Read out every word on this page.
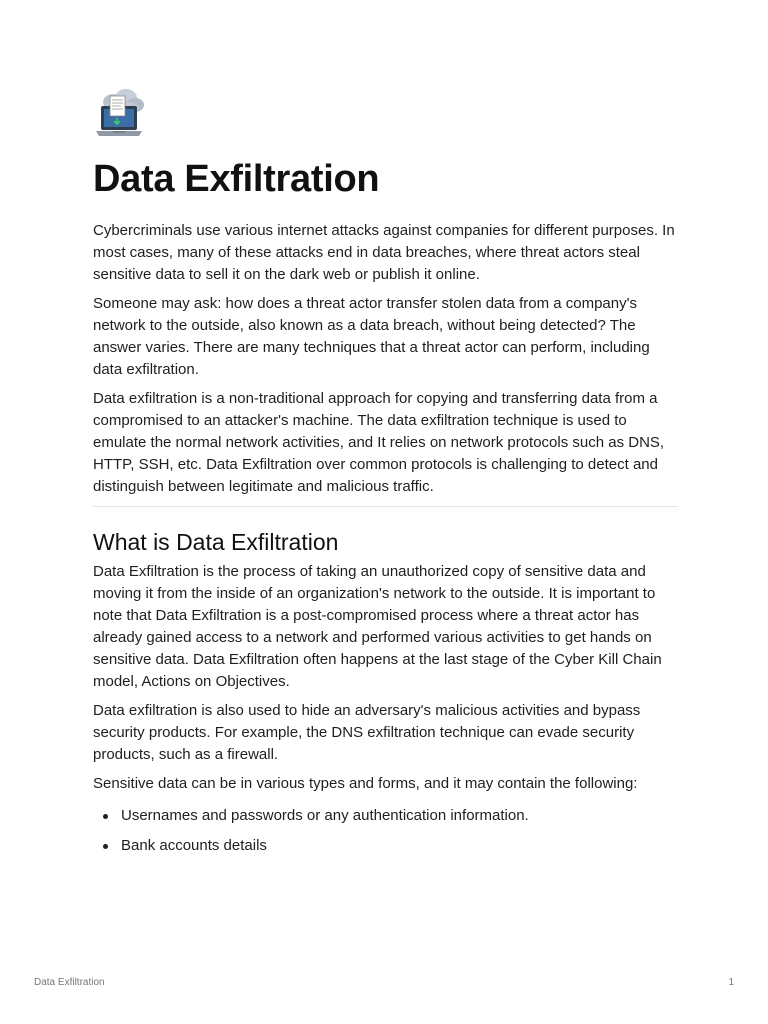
Data Exfiltration

Cybercriminals use various internet attacks against companies for different purposes. In most cases, many of these attacks end in data breaches, where threat actors steal sensitive data to sell it on the dark web or publish it online.

Someone may ask: how does a threat actor transfer stolen data from a company's network to the outside, also known as a data breach, without being detected? The answer varies. There are many techniques that a threat actor can perform, including data exfiltration.

Data exfiltration is a non-traditional approach for copying and transferring data from a compromised to an attacker's machine. The data exfiltration technique is used to emulate the normal network activities, and It relies on network protocols such as DNS, HTTP, SSH, etc. Data Exfiltration over common protocols is challenging to detect and distinguish between legitimate and malicious traffic.

What is Data Exfiltration

Data Exfiltration is the process of taking an unauthorized copy of sensitive data and moving it from the inside of an organization's network to the outside. It is important to note that Data Exfiltration is a post-compromised process where a threat actor has already gained access to a network and performed various activities to get hands on sensitive data. Data Exfiltration often happens at the last stage of the Cyber Kill Chain model, Actions on Objectives.

Data exfiltration is also used to hide an adversary's malicious activities and bypass security products. For example, the DNS exfiltration technique can evade security products, such as a firewall.

Sensitive data can be in various types and forms, and it may contain the following:

Usernames and passwords or any authentication information.
Bank accounts details
Data Exfiltration	1
